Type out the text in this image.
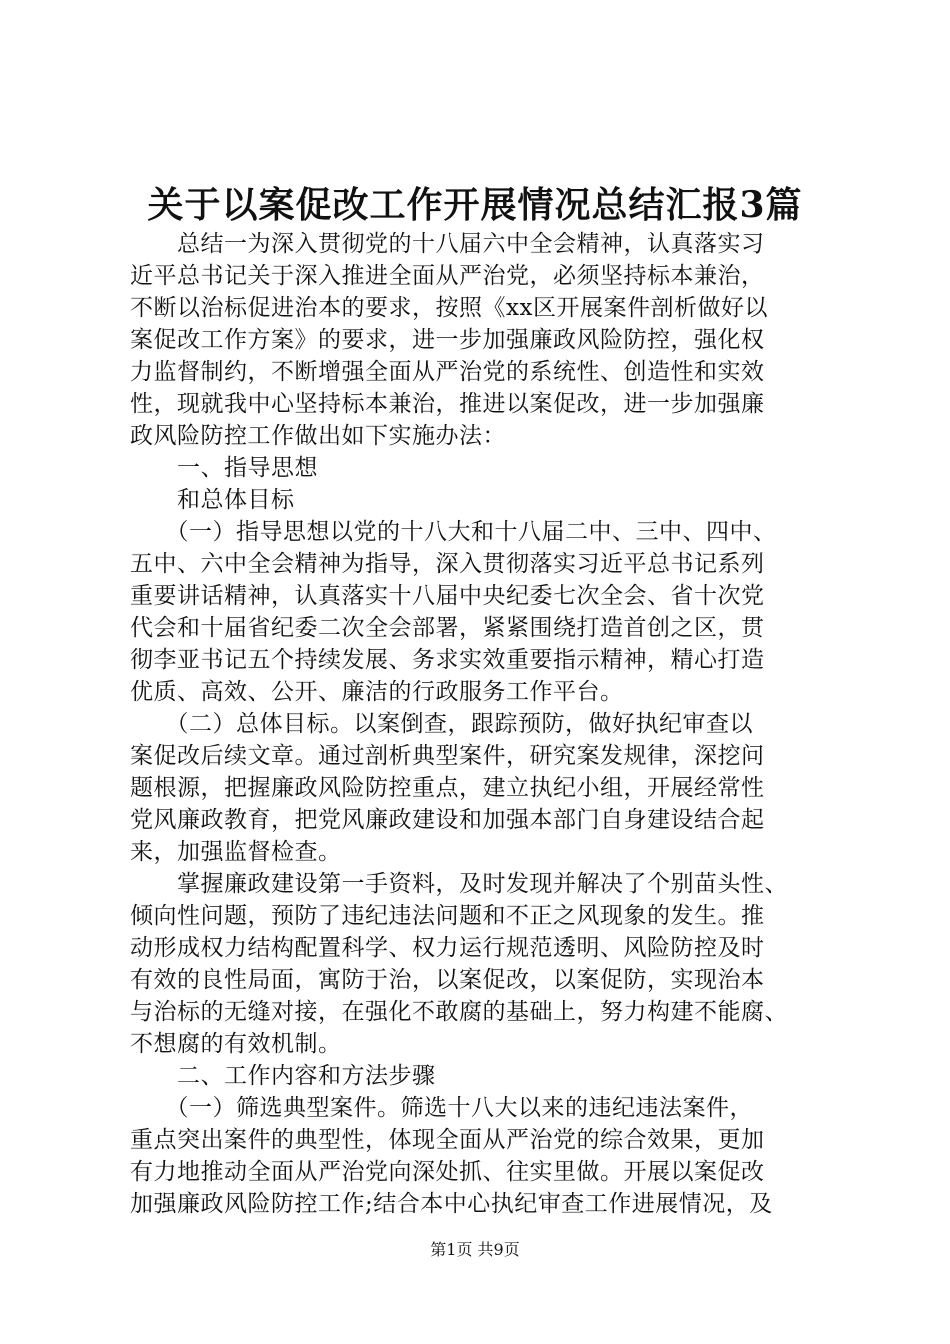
关于以案促改工作开展情况总结汇报3篇
　　总结一为深入贯彻党的十八届六中全会精神，认真落实习
近平总书记关于深入推进全面从严治党，必须坚持标本兼治，
不断以治标促进治本的要求，按照《xx区开展案件剖析做好以
案促改工作方案》的要求，进一步加强廉政风险防控，强化权
力监督制约，不断增强全面从严治党的系统性、创造性和实效
性，现就我中心坚持标本兼治，推进以案促改，进一步加强廉
政风险防控工作做出如下实施办法：
　　一、指导思想
　　和总体目标
　　（一）指导思想以党的十八大和十八届二中、三中、四中、
五中、六中全会精神为指导，深入贯彻落实习近平总书记系列
重要讲话精神，认真落实十八届中央纪委七次全会、省十次党
代会和十届省纪委二次全会部署，紧紧围绕打造首创之区，贯
彻李亚书记五个持续发展、务求实效重要指示精神，精心打造
优质、高效、公开、廉洁的行政服务工作平台。
　　（二）总体目标。以案倒查，跟踪预防，做好执纪审查以
案促改后续文章。通过剖析典型案件，研究案发规律，深挖问
题根源，把握廉政风险防控重点，建立执纪小组，开展经常性
党风廉政教育，把党风廉政建设和加强本部门自身建设结合起
来，加强监督检查。
　　掌握廉政建设第一手资料，及时发现并解决了个别苗头性、
倾向性问题，预防了违纪违法问题和不正之风现象的发生。推
动形成权力结构配置科学、权力运行规范透明、风险防控及时
有效的良性局面，寓防于治，以案促改，以案促防，实现治本
与治标的无缝对接，在强化不敢腐的基础上，努力构建不能腐、
不想腐的有效机制。
　　二、工作内容和方法步骤
　　（一）筛选典型案件。筛选十八大以来的违纪违法案件，
重点突出案件的典型性，体现全面从严治党的综合效果，更加
有力地推动全面从严治党向深处抓、往实里做。开展以案促改
加强廉政风险防控工作;结合本中心执纪审查工作进展情况，及
第1页 共9页
